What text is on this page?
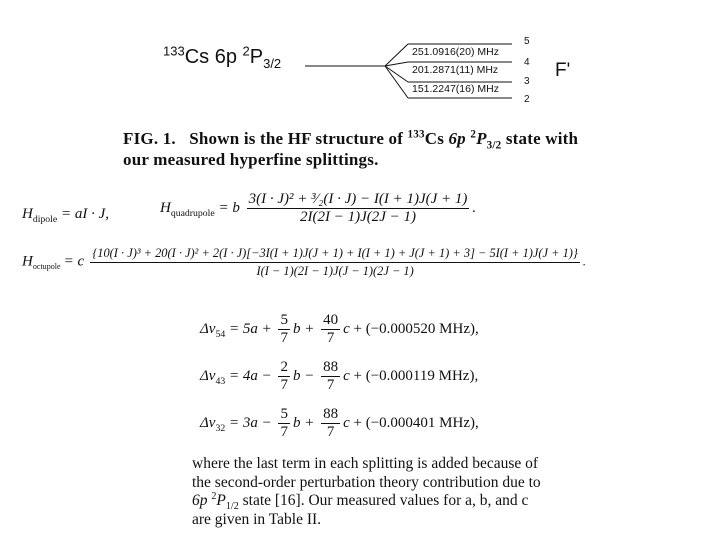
$^{133}$Cs 6p $^2P_{3/2}$
251.0916(20) MHz
201.2871(11) MHz
151.2247(16) MHz
5
4
3
2
F'
FIG. 1. Shown is the HF structure of $^{133}$Cs 6p $^2P_{3/2}$ state with
our measured hyperfine splittings.
$H_{dipole}$ = aI · J,	$H_{quadrupole} = b \frac{\text{3(I · J)² + ³⁄₂(I · J) − I(I + 1)J(J + 1)}}{2I(2I - 1)J(2J - 1)}$ .
$H_{octupole} = c$
{10(I · J)³ + 20(I · J)² + 2(I · J)[−3I(I + 1)J(J + 1) + I(I + 1) + J(J + 1) + 3] − 5I(I + 1)J(J + 1)}
I(I − 1)(2I − 1)J(J − 1)(2J − 1)
.
$\Delta\nu_{54} = 5a + \frac{5}{7}$ $b + \frac{40}{7}$ c + (−0.000520 MHz),
$\Delta\nu_{43} = 4a - \frac{2}{7}$ $b - \frac{88}{7}$ c + (−0.000119 MHz),
$\Delta\nu_{32} = 3a - \frac{5}{7}$ $b + \frac{88}{7}$ c + (−0.000401 MHz),
where the last term in each splitting is added because of
the second-order perturbation theory contribution due to
6p $^2P_{1/2}$ state [16]. Our measured values for a, b, and c
are given in Table II.
